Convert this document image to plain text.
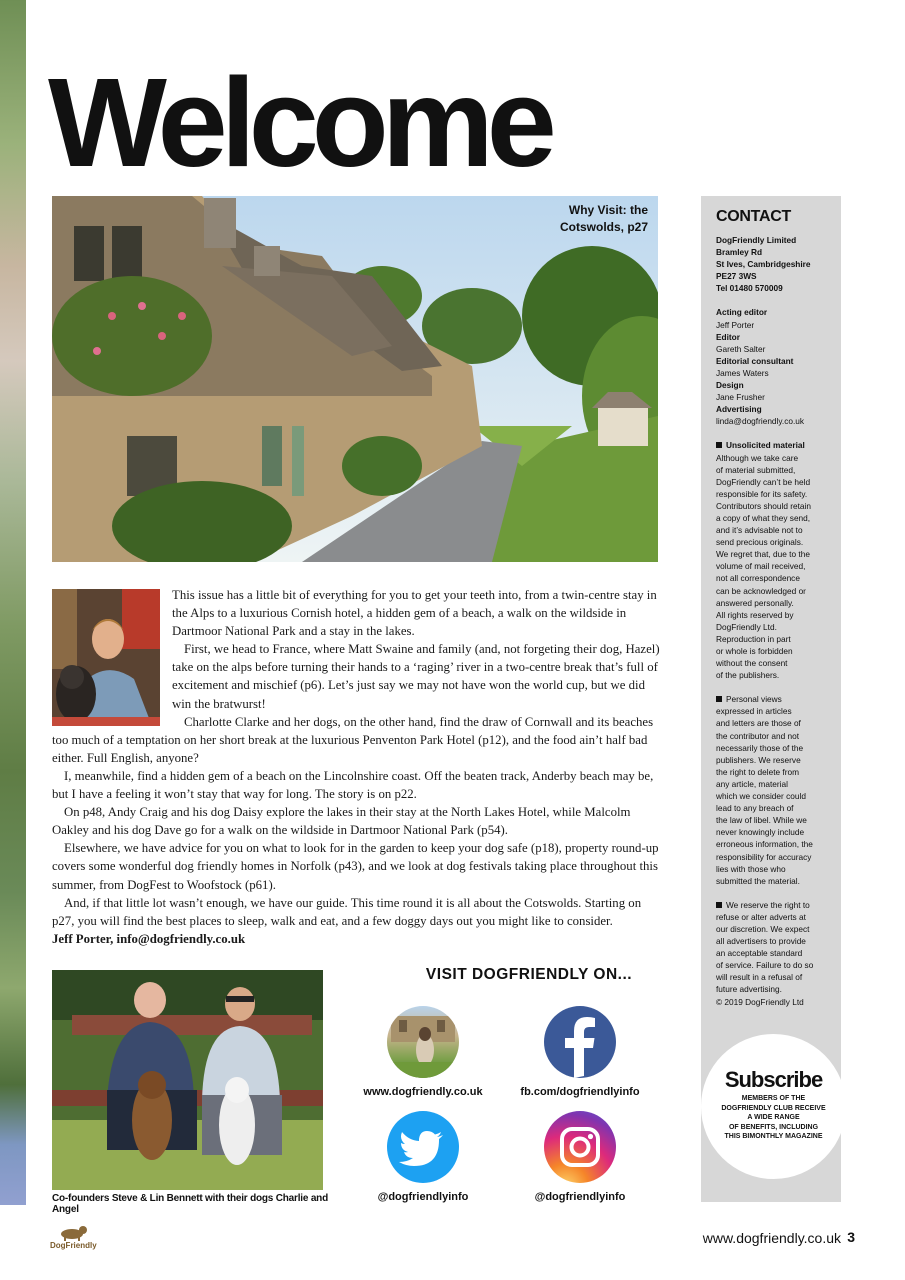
Welcome
Why Visit: the
Cotswolds, p27

This issue has a little bit of everything for you to get your teeth into, from a twin-centre stay in the Alps to a luxurious Cornish hotel, a hidden gem of a beach, a walk on the wildside in Dartmoor National Park and a stay in the lakes.

First, we head to France, where Matt Swaine and family (and, not forgeting their dog, Hazel) take on the alps before turning their hands to a ‘raging’ river in a two-centre break that’s full of excitement and mischief (p6). Let’s just say we may not have won the world cup, but we did win the bratwurst!

Charlotte Clarke and her dogs, on the other hand, find the draw of Cornwall and its beaches too much of a temptation on her short break at the luxurious Penventon Park Hotel (p12), and the food ain’t half bad either. Full English, anyone?

I, meanwhile, find a hidden gem of a beach on the Lincolnshire coast. Off the beaten track, Anderby beach may be, but I have a feeling it won’t stay that way for long. The story is on p22.

On p48, Andy Craig and his dog Daisy explore the lakes in their stay at the North Lakes Hotel, while Malcolm Oakley and his dog Dave go for a walk on the wildside in Dartmoor National Park (p54).

Elsewhere, we have advice for you on what to look for in the garden to keep your dog safe (p18), property round-up covers some wonderful dog friendly homes in Norfolk (p43), and we look at dog festivals taking place throughout this summer, from DogFest to Woofstock (p61).

And, if that little lot wasn’t enough, we have our guide. This time round it is all about the Cotswolds. Starting on p27, you will find the best places to sleep, walk and eat, and a few doggy days out you might like to consider.

Jeff Porter, info@dogfriendly.co.uk

Co-founders Steve & Lin Bennett with their dogs Charlie and Angel
VISIT DOGFRIENDLY ON...
www.dogfriendly.co.uk	fb.com/dogfriendlyinfo
@dogfriendlyinfo	@dogfriendlyinfo
CONTACT
DogFriendly Limited
Bramley Rd
St Ives, Cambridgeshire
PE27 3WS
Tel 01480 570009
Acting editor
Jeff Porter
Editor
Gareth Salter
Editorial consultant
James Waters
Design
Jane Frusher
Advertising
linda@dogfriendly.co.uk
Unsolicited material
Although we take care
of material submitted,
DogFriendly can’t be held
responsible for its safety.
Contributors should retain
a copy of what they send,
and it’s advisable not to
send precious originals.
We regret that, due to the
volume of mail received,
not all correspondence
can be acknowledged or
answered personally.
All rights reserved by
DogFriendly Ltd.
Reproduction in part
or whole is forbidden
without the consent
of the publishers.
Personal views
expressed in articles
and letters are those of
the contributor and not
necessarily those of the
publishers. We reserve
the right to delete from
any article, material
which we consider could
lead to any breach of
the law of libel. While we
never knowingly include
erroneous information, the
responsibility for accuracy
lies with those who
submitted the material.
We reserve the right to
refuse or alter adverts at
our discretion. We expect
all advertisers to provide
an acceptable standard
of service. Failure to do so
will result in a refusal of
future advertising.
© 2019 DogFriendly Ltd
Subscribe
MEMBERS OF THE
DOGFRIENDLY CLUB RECEIVE
A WIDE RANGE
OF BENEFITS, INCLUDING
THIS BIMONTHLY MAGAZINE
DogFriendly	www.dogfriendly.co.uk 3
